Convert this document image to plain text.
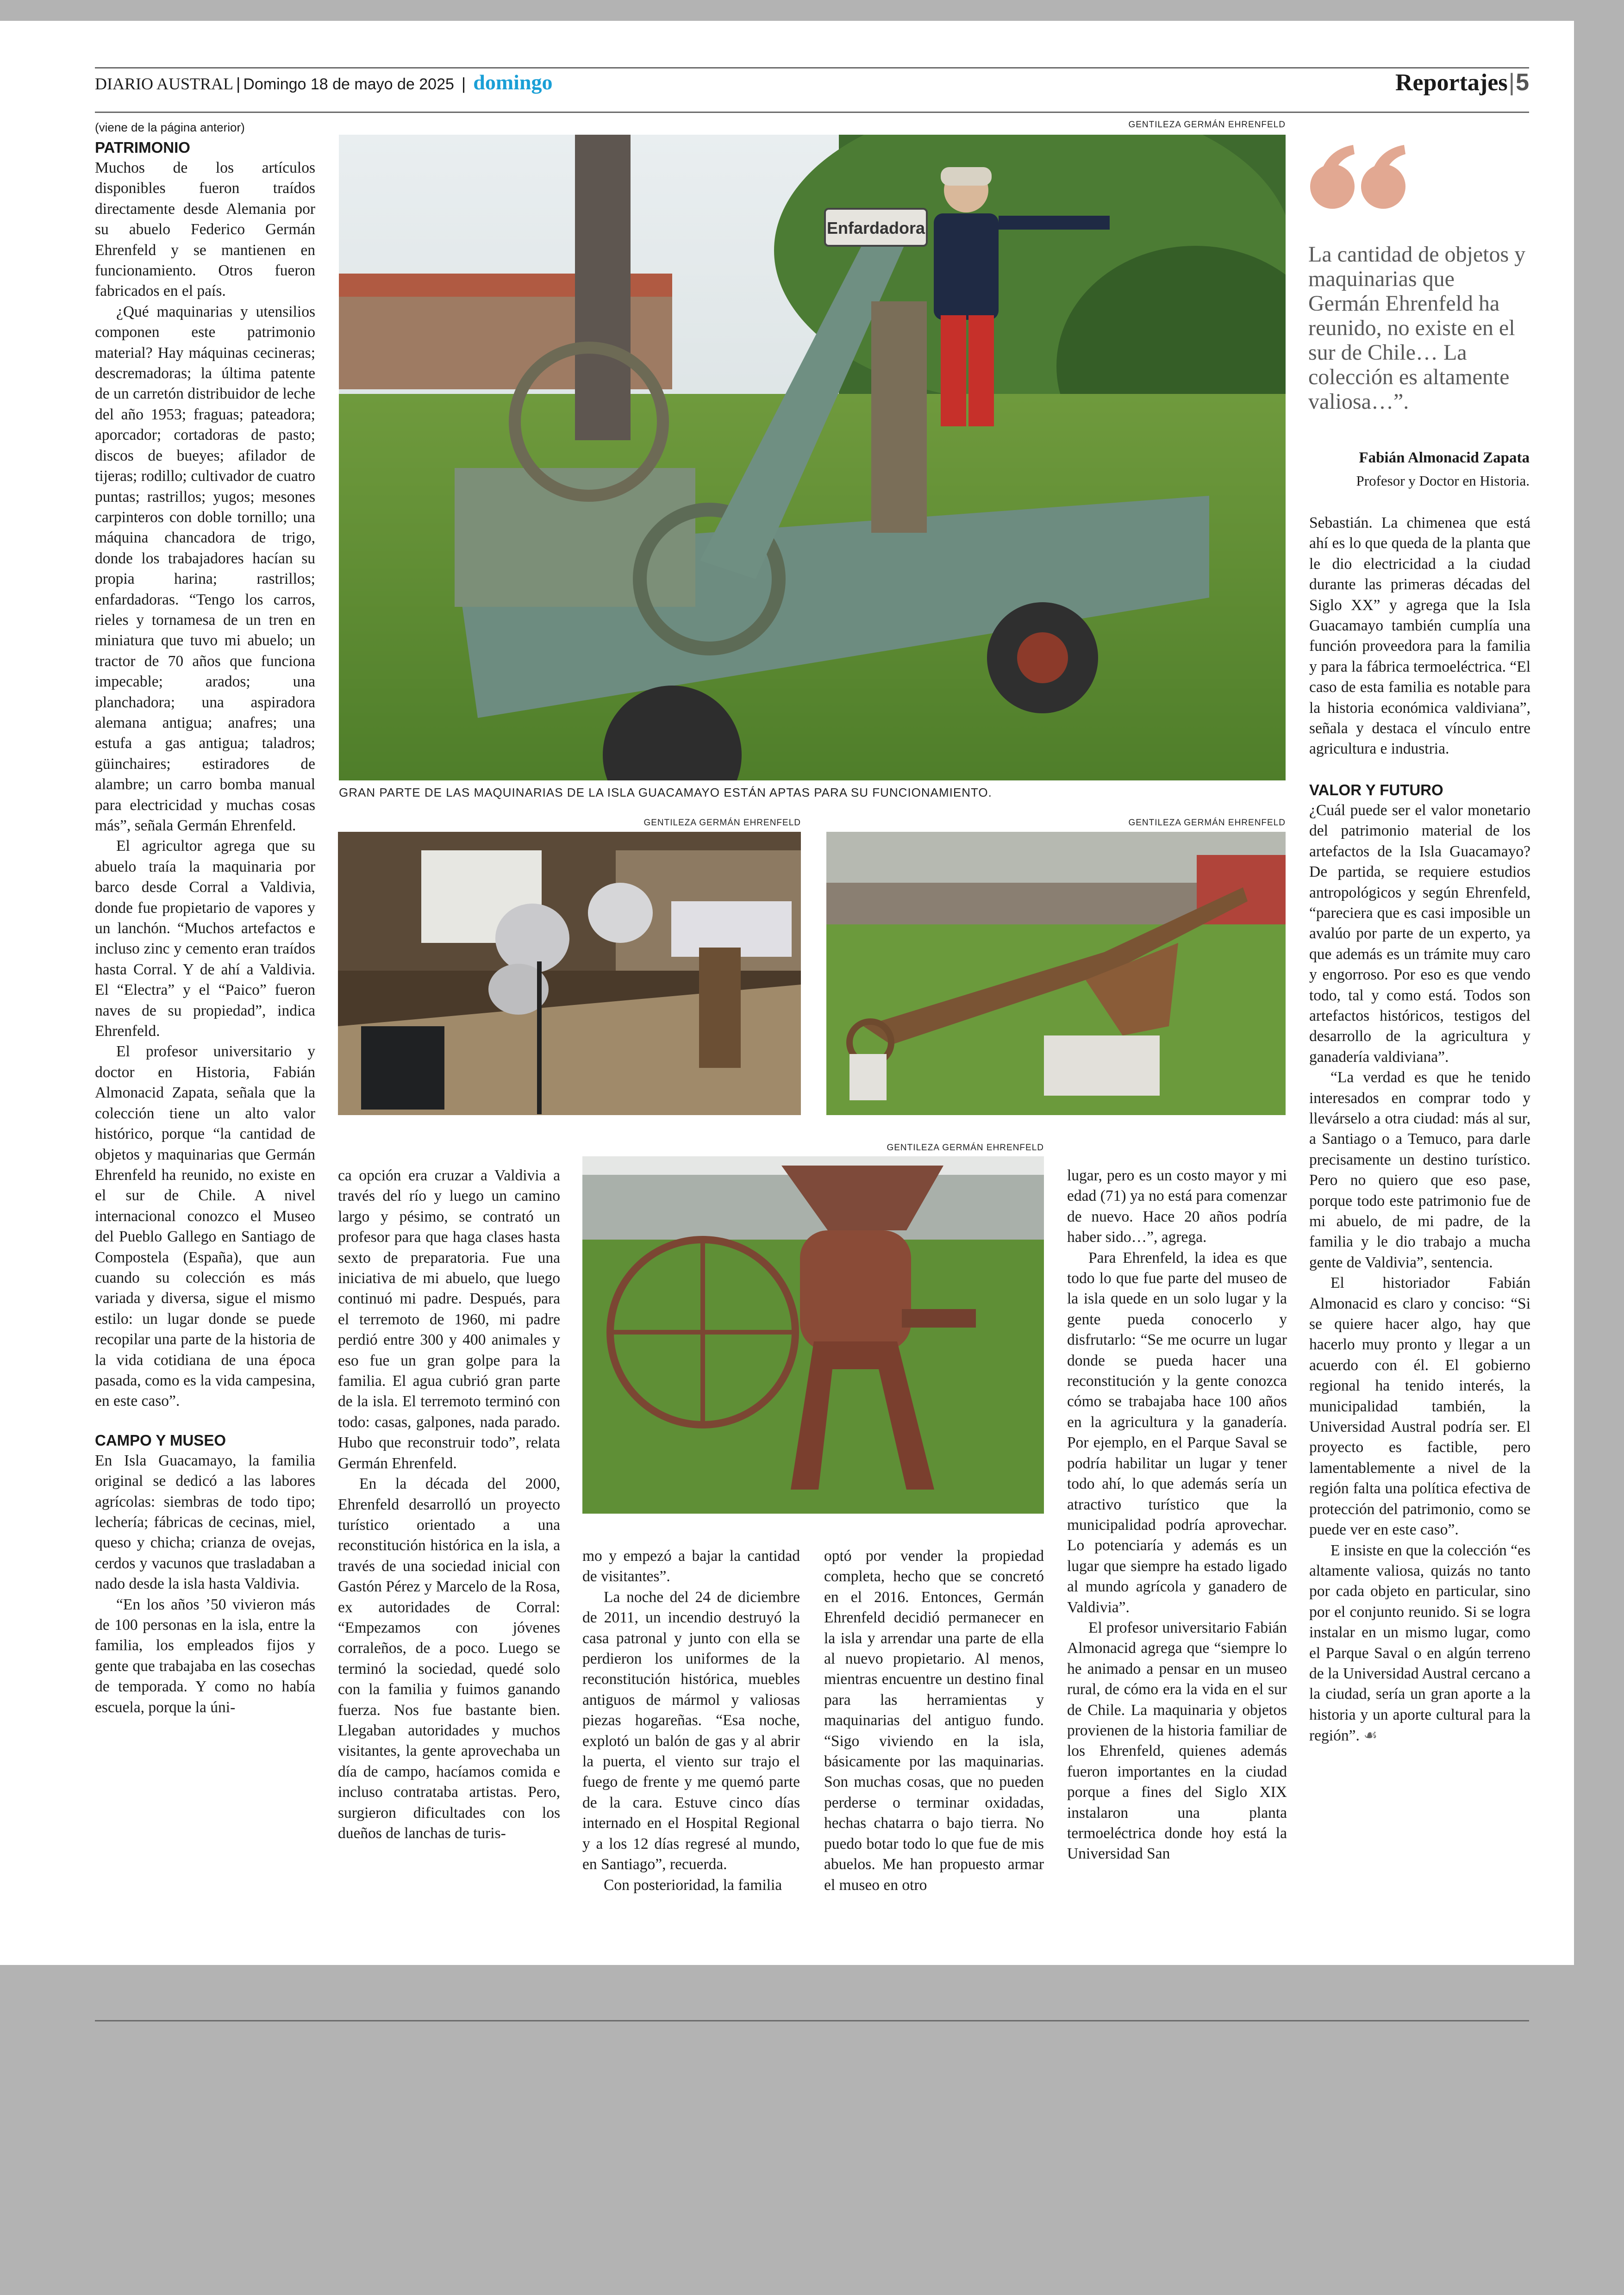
DIARIO AUSTRAL | Domingo 18 de mayo de 2025 | domingo	Reportajes|5
(viene de la página anterior)
PATRIMONIO

Muchos de los artículos disponibles fueron traídos directamente desde Alemania por su abuelo Federico Germán Ehrenfeld y se mantienen en funcionamiento. Otros fueron fabricados en el país.

¿Qué maquinarias y utensilios componen este patrimonio material? Hay máquinas cecineras; descremadoras; la última patente de un carretón distribuidor de leche del año 1953; fraguas; pateadora; aporcador; cortadoras de pasto; discos de bueyes; afilador de tijeras; rodillo; cultivador de cuatro puntas; rastrillos; yugos; mesones carpinteros con doble tornillo; una máquina chancadora de trigo, donde los trabajadores hacían su propia harina; rastrillos; enfardadoras. “Tengo los carros, rieles y tornamesa de un tren en miniatura que tuvo mi abuelo; un tractor de 70 años que funciona impecable; arados; una planchadora; una aspiradora alemana antigua; anafres; una estufa a gas antigua; taladros; güinchaires; estiradores de alambre; un carro bomba manual para electricidad y muchas cosas más”, señala Germán Ehrenfeld.

El agricultor agrega que su abuelo traía la maquinaria por barco desde Corral a Valdivia, donde fue propietario de vapores y un lanchón. “Muchos artefactos e incluso zinc y cemento eran traídos hasta Corral. Y de ahí a Valdivia. El “Electra” y el “Paico” fueron naves de su propiedad”, indica Ehrenfeld.

El profesor universitario y doctor en Historia, Fabián Almonacid Zapata, señala que la colección tiene un alto valor histórico, porque “la cantidad de objetos y maquinarias que Germán Ehrenfeld ha reunido, no existe en el sur de Chile. A nivel internacional conozco el Museo del Pueblo Gallego en Santiago de Compostela (España), que aun cuando su colección es más variada y diversa, sigue el mismo estilo: un lugar donde se puede recopilar una parte de la historia de la vida cotidiana de una época pasada, como es la vida campesina, en este caso”.

CAMPO Y MUSEO

En Isla Guacamayo, la familia original se dedicó a las labores agrícolas: siembras de todo tipo; lechería; fábricas de cecinas, miel, queso y chicha; crianza de ovejas, cerdos y vacunos que trasladaban a nado desde la isla hasta Valdivia.

“En los años ’50 vivieron más de 100 personas en la isla, entre la familia, los empleados fijos y gente que trabajaba en las cosechas de temporada. Y como no había escuela, porque la úni-

GENTILEZA GERMÁN EHRENFELD
Enfardadora
GRAN PARTE DE LAS MAQUINARIAS DE LA ISLA GUACAMAYO ESTÁN APTAS PARA SU FUNCIONAMIENTO.
GENTILEZA GERMÁN EHRENFELD	GENTILEZA GERMÁN EHRENFELD
GENTILEZA GERMÁN EHRENFELD

ca opción era cruzar a Valdivia a través del río y luego un camino largo y pésimo, se contrató un profesor para que haga clases hasta sexto de preparatoria. Fue una iniciativa de mi abuelo, que luego continuó mi padre. Después, para el terremoto de 1960, mi padre perdió entre 300 y 400 animales y eso fue un gran golpe para la familia. El agua cubrió gran parte de la isla. El terremoto terminó con todo: casas, galpones, nada parado. Hubo que reconstruir todo”, relata Germán Ehrenfeld.

En la década del 2000, Ehrenfeld desarrolló un proyecto turístico orientado a una reconstitución histórica en la isla, a través de una sociedad inicial con Gastón Pérez y Marcelo de la Rosa, ex autoridades de Corral: “Empezamos con jóvenes corraleños, de a poco. Luego se terminó la sociedad, quedé solo con la familia y fuimos ganando fuerza. Nos fue bastante bien. Llegaban autoridades y muchos visitantes, la gente aprovechaba un día de campo, hacíamos comida e incluso contrataba artistas. Pero, surgieron dificultades con los dueños de lanchas de turis-

mo y empezó a bajar la cantidad de visitantes”.

La noche del 24 de diciembre de 2011, un incendio destruyó la casa patronal y junto con ella se perdieron los uniformes de la reconstitución histórica, muebles antiguos de mármol y valiosas piezas hogareñas. “Esa noche, explotó un balón de gas y al abrir la puerta, el viento sur trajo el fuego de frente y me quemó parte de la cara. Estuve cinco días internado en el Hospital Regional y a los 12 días regresé al mundo, en Santiago”, recuerda.

Con posterioridad, la familia

optó por vender la propiedad completa, hecho que se concretó en el 2016. Entonces, Germán Ehrenfeld decidió permanecer en la isla y arrendar una parte de ella al nuevo propietario. Al menos, mientras encuentre un destino final para las herramientas y maquinarias del antiguo fundo. “Sigo viviendo en la isla, básicamente por las maquinarias. Son muchas cosas, que no pueden perderse o terminar oxidadas, hechas chatarra o bajo tierra. No puedo botar todo lo que fue de mis abuelos. Me han propuesto armar el museo en otro

lugar, pero es un costo mayor y mi edad (71) ya no está para comenzar de nuevo. Hace 20 años podría haber sido…”, agrega.

Para Ehrenfeld, la idea es que todo lo que fue parte del museo de la isla quede en un solo lugar y la gente pueda conocerlo y disfrutarlo: “Se me ocurre un lugar donde se pueda hacer una reconstitución y la gente conozca cómo se trabajaba hace 100 años en la agricultura y la ganadería. Por ejemplo, en el Parque Saval se podría habilitar un lugar y tener todo ahí, lo que además sería un atractivo turístico que la municipalidad podría aprovechar. Lo potenciaría y además es un lugar que siempre ha estado ligado al mundo agrícola y ganadero de Valdivia”.

El profesor universitario Fabián Almonacid agrega que “siempre lo he animado a pensar en un museo rural, de cómo era la vida en el sur de Chile. La maquinaria y objetos provienen de la historia familiar de los Ehrenfeld, quienes además fueron importantes en la ciudad porque a fines del Siglo XIX instalaron una planta termoeléctrica donde hoy está la Universidad San

La cantidad de objetos y maquinarias que Germán Ehrenfeld ha reunido, no existe en el sur de Chile… La colección es altamente valiosa…”.
Fabián Almonacid Zapata
Profesor y Doctor en Historia.

Sebastián. La chimenea que está ahí es lo que queda de la planta que le dio electricidad a la ciudad durante las primeras décadas del Siglo XX” y agrega que la Isla Guacamayo también cumplía una función proveedora para la familia y para la fábrica termoeléctrica. “El caso de esta familia es notable para la historia económica valdiviana”, señala y destaca el vínculo entre agricultura e industria.

VALOR Y FUTURO

¿Cuál puede ser el valor monetario del patrimonio material de los artefactos de la Isla Guacamayo? De partida, se requiere estudios antropológicos y según Ehrenfeld, “pareciera que es casi imposible un avalúo por parte de un experto, ya que además es un trámite muy caro y engorroso. Por eso es que vendo todo, tal y como está. Todos son artefactos históricos, testigos del desarrollo de la agricultura y ganadería valdiviana”.

“La verdad es que he tenido interesados en comprar todo y llevárselo a otra ciudad: más al sur, a Santiago o a Temuco, para darle precisamente un destino turístico. Pero no quiero que eso pase, porque todo este patrimonio fue de mi abuelo, de mi padre, de la familia y le dio trabajo a mucha gente de Valdivia”, sentencia.

El historiador Fabián Almonacid es claro y conciso: “Si se quiere hacer algo, hay que hacerlo muy pronto y llegar a un acuerdo con él. El gobierno regional ha tenido interés, la municipalidad también, la Universidad Austral podría ser. El proyecto es factible, pero lamentablemente a nivel de la región falta una política efectiva de protección del patrimonio, como se puede ver en este caso”.

E insiste en que la colección “es altamente valiosa, quizás no tanto por cada objeto en particular, sino por el conjunto reunido. Si se logra instalar en un mismo lugar, como el Parque Saval o en algún terreno de la Universidad Austral cercano a la ciudad, sería un gran aporte a la historia y un aporte cultural para la región”. ☙
